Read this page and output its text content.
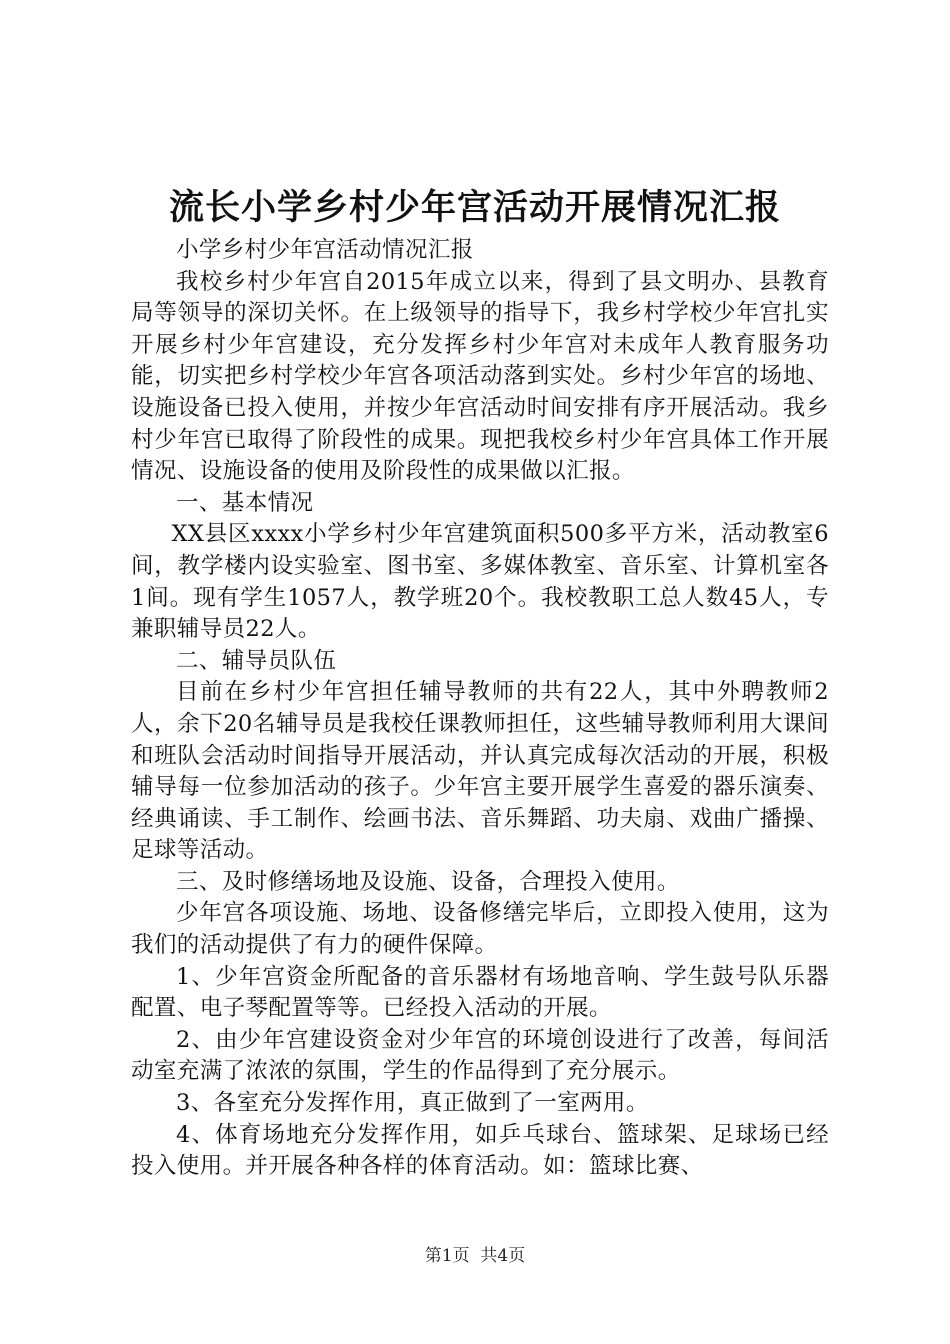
流长小学乡村少年宫活动开展情况汇报

小学乡村少年宫活动情况汇报

我校乡村少年宫自2015年成立以来，得到了县文明办、县教育局等领导的深切关怀。在上级领导的指导下，我乡村学校少年宫扎实开展乡村少年宫建设，充分发挥乡村少年宫对未成年人教育服务功能，切实把乡村学校少年宫各项活动落到实处。乡村少年宫的场地、设施设备已投入使用，并按少年宫活动时间安排有序开展活动。我乡村少年宫已取得了阶段性的成果。现把我校乡村少年宫具体工作开展情况、设施设备的使用及阶段性的成果做以汇报。

一、基本情况

XX县区xxxx小学乡村少年宫建筑面积500多平方米，活动教室6间，教学楼内设实验室、图书室、多媒体教室、音乐室、计算机室各1间。现有学生1057人，教学班20个。我校教职工总人数45人，专兼职辅导员22人。

二、辅导员队伍

目前在乡村少年宫担任辅导教师的共有22人，其中外聘教师2人，余下20名辅导员是我校任课教师担任，这些辅导教师利用大课间和班队会活动时间指导开展活动，并认真完成每次活动的开展，积极辅导每一位参加活动的孩子。少年宫主要开展学生喜爱的器乐演奏、经典诵读、手工制作、绘画书法、音乐舞蹈、功夫扇、戏曲广播操、足球等活动。

三、及时修缮场地及设施、设备，合理投入使用。

少年宫各项设施、场地、设备修缮完毕后，立即投入使用，这为我们的活动提供了有力的硬件保障。

1、少年宫资金所配备的音乐器材有场地音响、学生鼓号队乐器配置、电子琴配置等等。已经投入活动的开展。

2、由少年宫建设资金对少年宫的环境创设进行了改善，每间活动室充满了浓浓的氛围，学生的作品得到了充分展示。

3、各室充分发挥作用，真正做到了一室两用。

4、体育场地充分发挥作用，如乒乓球台、篮球架、足球场已经投入使用。并开展各种各样的体育活动。如：篮球比赛、

第1页 共4页
